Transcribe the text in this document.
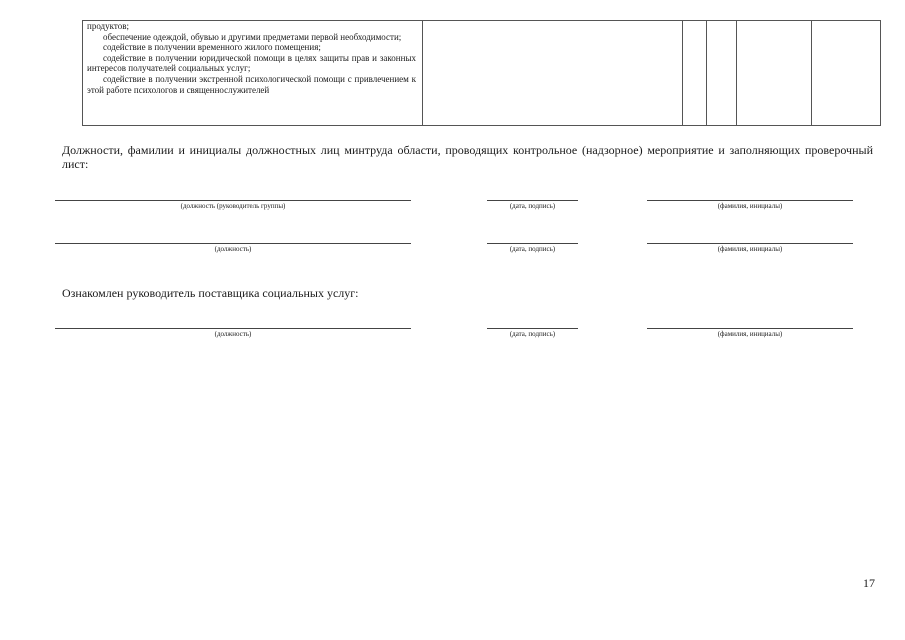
продуктов;

обеспечение одеждой, обувью и другими предметами первой необходимости;

содействие в получении временного жилого помещения;

содействие в получении юридической помощи в целях защиты прав и законных интересов получателей социальных услуг;

содействие в получении экстренной психологической помощи с привлечением к этой работе психологов и священнослужителей

Должности, фамилии и инициалы должностных лиц минтруда области, проводящих контрольное (надзорное) мероприятие и заполняющих проверочный лист:
(должность (руководитель группы)	(дата, подпись)	(фамилия, инициалы)
(должность)	(дата, подпись)	(фамилия, инициалы)
Ознакомлен руководитель поставщика социальных услуг:
(должность)	(дата, подпись)	(фамилия, инициалы)
17
